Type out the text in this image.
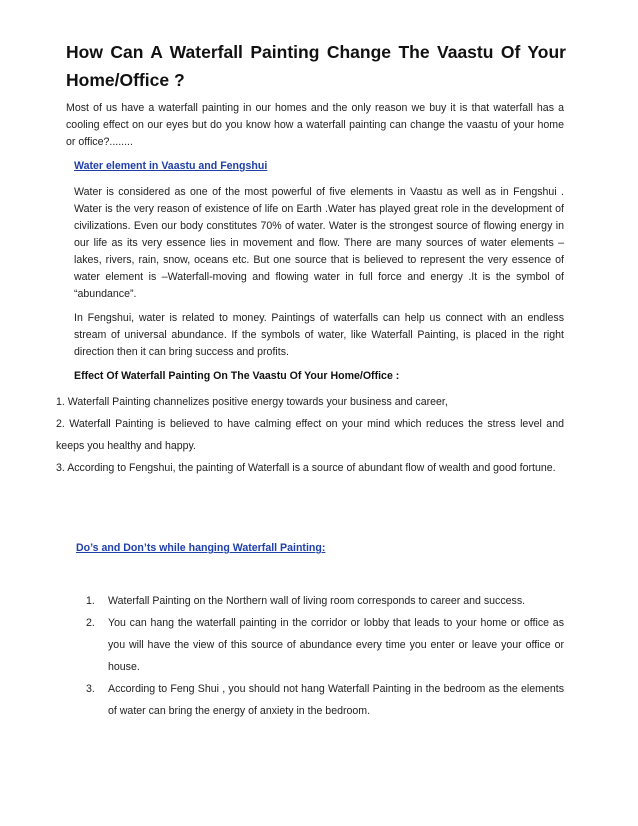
How Can A Waterfall Painting Change The Vaastu Of Your Home/Office ?

Most of us have a waterfall painting in our homes and the only reason we buy it is that waterfall has a cooling effect on our eyes but do you know how a waterfall painting can change the vaastu of your home or office?........

Water element in Vaastu and Fengshui

Water is considered as one of the most powerful of five elements in Vaastu as well as in Fengshui . Water is the very reason of existence of life on Earth .Water has played great role in the development of civilizations. Even our body constitutes 70% of water. Water is the strongest source of flowing energy in our life as its very essence lies in movement and flow. There are many sources of water elements – lakes, rivers, rain, snow, oceans etc. But one source that is believed to represent the very essence of water element is –Waterfall-moving and flowing water in full force and energy .It is the symbol of “abundance”.

In Fengshui, water is related to money. Paintings of waterfalls can help us connect with an endless stream of universal abundance. If the symbols of water, like Waterfall Painting, is placed in the right direction then it can bring success and profits.

Effect Of Waterfall Painting On The Vaastu Of Your Home/Office :

1. Waterfall Painting channelizes positive energy towards your business and career,

2. Waterfall Painting is believed to have calming effect on your mind which reduces the stress level and keeps you healthy and happy.

3. According to Fengshui, the painting of Waterfall is a source of abundant flow of wealth and good fortune.

Do’s and Don’ts while hanging Waterfall Painting:

1. Waterfall Painting on the Northern wall of living room corresponds to career and success.
2. You can hang the waterfall painting in the corridor or lobby that leads to your home or office as you will have the view of this source of abundance every time you enter or leave your office or house.
3. According to Feng Shui , you should not hang Waterfall Painting in the bedroom as the elements of water can bring the energy of anxiety in the bedroom.
